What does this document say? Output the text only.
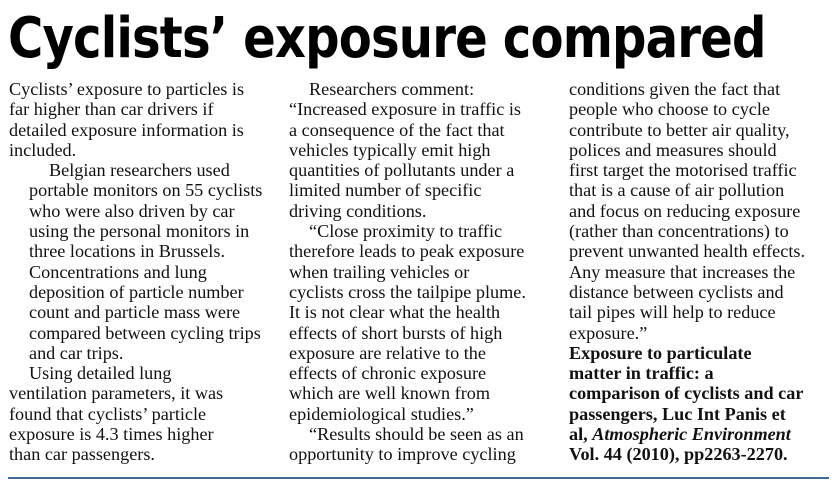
Cyclists’ exposure compared

Cyclists’ exposure to particles is
far higher than car drivers if
detailed exposure information is
included.

Belgian researchers used
portable monitors on 55 cyclists
who were also driven by car
using the personal monitors in
three locations in Brussels.
Concentrations and lung
deposition of particle number
count and particle mass were
compared between cycling trips
and car trips.

Using detailed lung
ventilation parameters, it was
found that cyclists’ particle
exposure is 4.3 times higher
than car passengers.

Researchers comment:

“Increased exposure in traffic is
a consequence of the fact that
vehicles typically emit high
quantities of pollutants under a
limited number of specific
driving conditions.

“Close proximity to traffic
therefore leads to peak exposure
when trailing vehicles or
cyclists cross the tailpipe plume.
It is not clear what the health
effects of short bursts of high
exposure are relative to the
effects of chronic exposure
which are well known from
epidemiological studies.”

“Results should be seen as an
opportunity to improve cycling

conditions given the fact that
people who choose to cycle
contribute to better air quality,
polices and measures should
first target the motorised traffic
that is a cause of air pollution
and focus on reducing exposure
(rather than concentrations) to
prevent unwanted health effects.
Any measure that increases the
distance between cyclists and
tail pipes will help to reduce
exposure.”

Exposure to particulate
matter in traffic: a
comparison of cyclists and car
passengers, Luc Int Panis et
al, Atmospheric Environment
Vol. 44 (2010), pp2263-2270.
